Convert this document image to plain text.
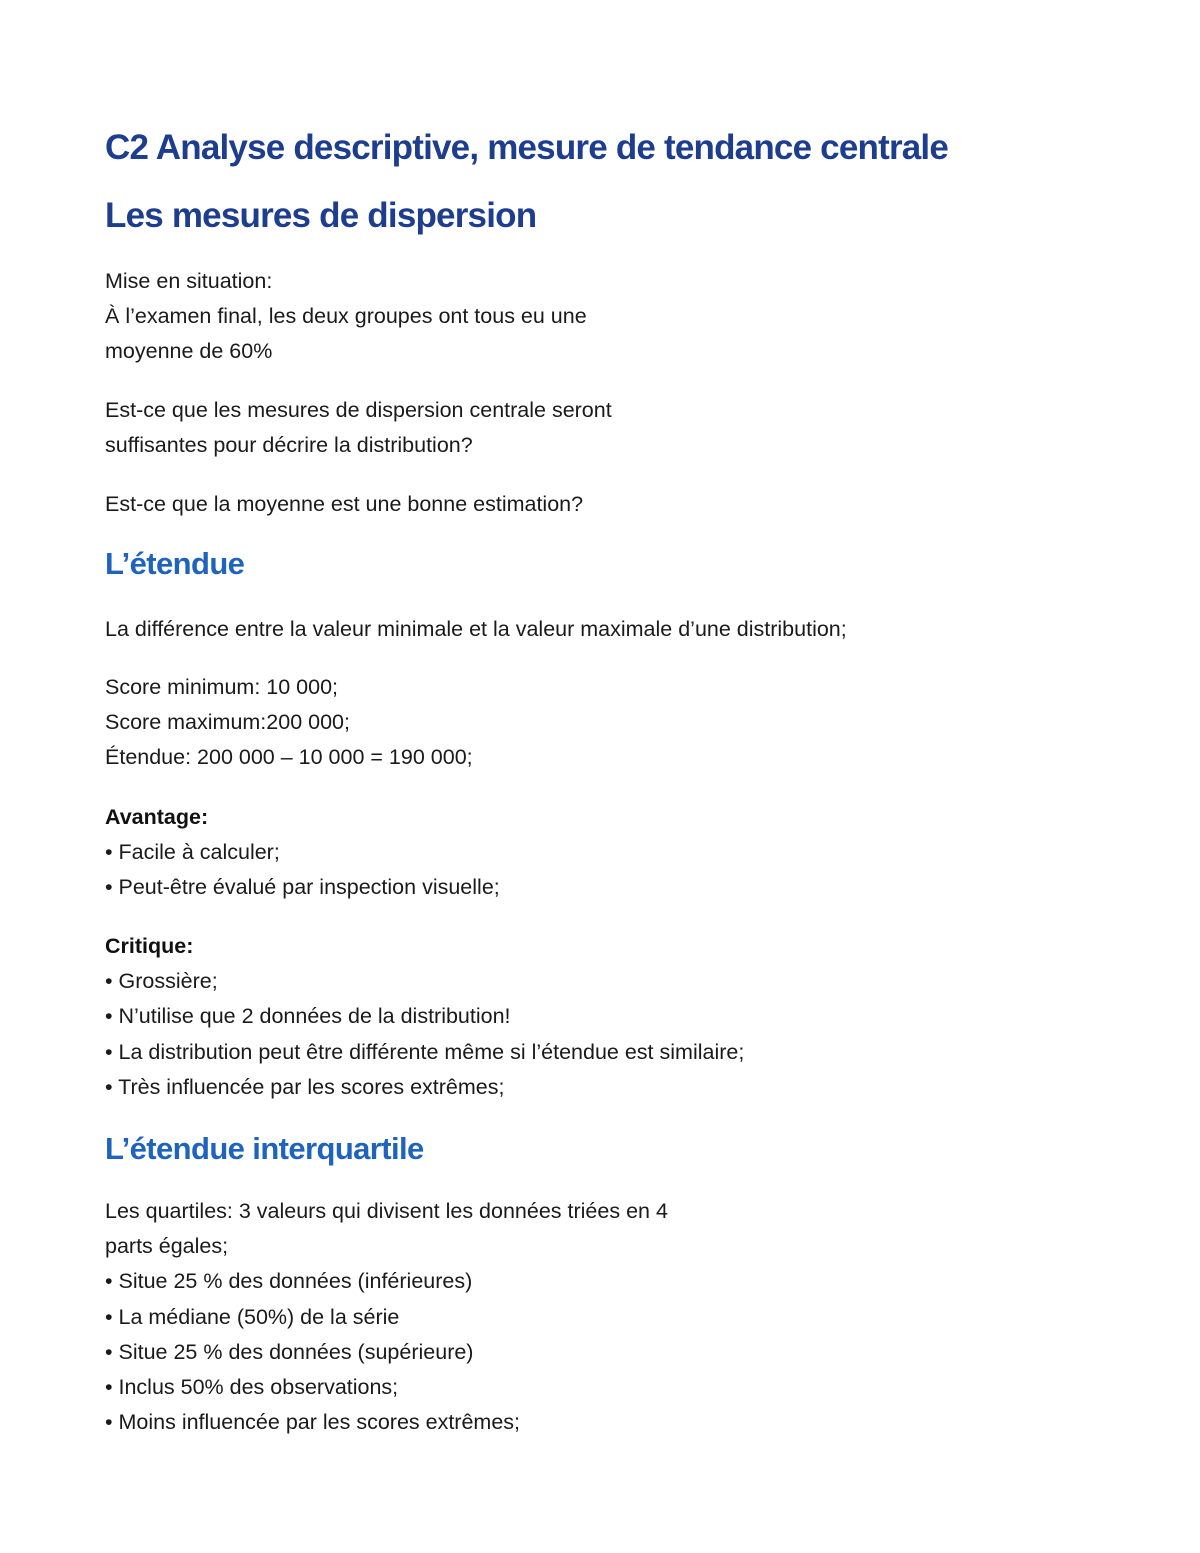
C2 Analyse descriptive, mesure de tendance centrale
Les mesures de dispersion
Mise en situation:
À l’examen final, les deux groupes ont tous eu une
moyenne de 60%
Est-ce que les mesures de dispersion centrale seront
suffisantes pour décrire la distribution?
Est-ce que la moyenne est une bonne estimation?
L’étendue
La différence entre la valeur minimale et la valeur maximale d’une distribution;
Score minimum: 10 000;
Score maximum:200 000;
Étendue: 200 000 – 10 000 = 190 000;
Avantage:
• Facile à calculer;
• Peut-être évalué par inspection visuelle;
Critique:
• Grossière;
• N’utilise que 2 données de la distribution!
• La distribution peut être différente même si l’étendue est similaire;
• Très influencée par les scores extrêmes;
L’étendue interquartile
Les quartiles: 3 valeurs qui divisent les données triées en 4
parts égales;
• Situe 25 % des données (inférieures)
• La médiane (50%) de la série
• Situe 25 % des données (supérieure)
• Inclus 50% des observations;
• Moins influencée par les scores extrêmes;
